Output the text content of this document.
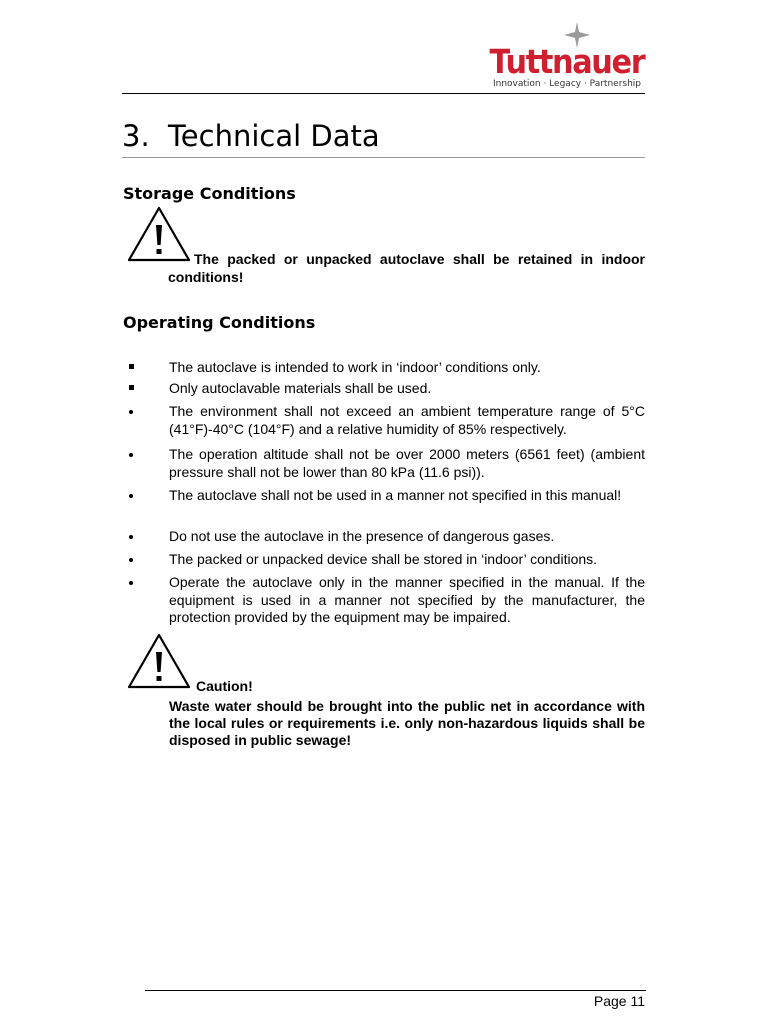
Tuttnauer
Innovation · Legacy · Partnership
3. Technical Data
Storage Conditions
The packed or unpacked autoclave shall be retained in indoor conditions!
Operating Conditions
The autoclave is intended to work in ‘indoor’ conditions only.
Only autoclavable materials shall be used.
The environment shall not exceed an ambient temperature range of 5°C (41°F)-40°C (104°F) and a relative humidity of 85% respectively.
The operation altitude shall not be over 2000 meters (6561 feet) (ambient pressure shall not be lower than 80 kPa (11.6 psi)).
The autoclave shall not be used in a manner not specified in this manual!
Do not use the autoclave in the presence of dangerous gases.
The packed or unpacked device shall be stored in ‘indoor’ conditions.
Operate the autoclave only in the manner specified in the manual. If the equipment is used in a manner not specified by the manufacturer, the protection provided by the equipment may be impaired.
Caution!
Waste water should be brought into the public net in accordance with the local rules or requirements i.e. only non-hazardous liquids shall be disposed in public sewage!
Page 11
